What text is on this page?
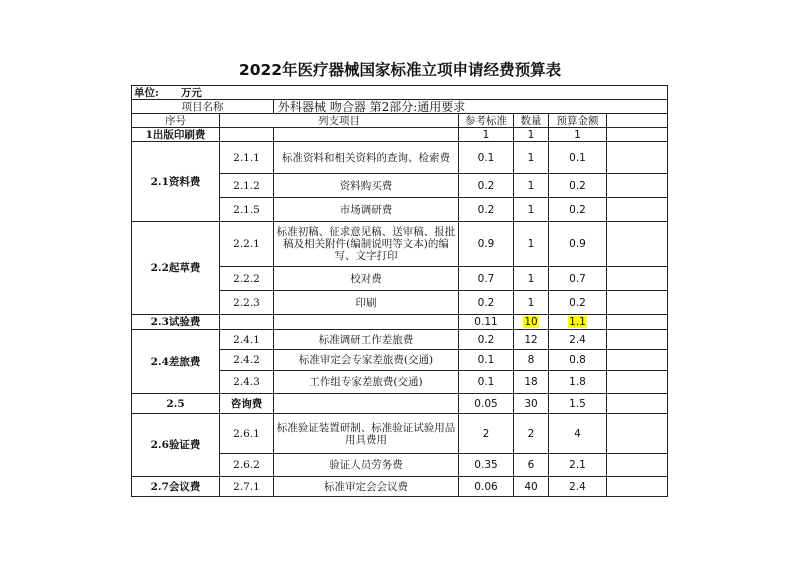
2022年医疗器械国家标准立项申请经费预算表
单位: 万元						
项目名称		外科器械 吻合器 第2部分:通用要求				
序号	列支项目		参考标准	数量	预算金额	
1出版印刷费			1	1	1	
2.1资料费	2.1.1	标准资料和相关资料的查询、检索费	0.1	1	0.1	
	2.1.2	资料购买费	0.2	1	0.2	
	2.1.5	市场调研费	0.2	1	0.2	
2.2起草费	2.2.1	标准初稿、征求意见稿、送审稿、报批稿及相关附件(编制说明等文本)的编写、文字打印	0.9	1	0.9	
	2.2.2	校对费	0.7	1	0.7	
	2.2.3	印刷	0.2	1	0.2	
2.3试验费			0.11	10	1.1	
2.4差旅费	2.4.1	标准调研工作差旅费	0.2	12	2.4	
	2.4.2	标准审定会专家差旅费(交通)	0.1	8	0.8	
	2.4.3	工作组专家差旅费(交通)	0.1	18	1.8	
2.5	咨询费		0.05	30	1.5	
2.6验证费	2.6.1	标准验证装置研制、标准验证试验用品用具费用	2	2	4	
	2.6.2	验证人员劳务费	0.35	6	2.1	
2.7会议费	2.7.1	标准审定会会议费	0.06	40	2.4	
